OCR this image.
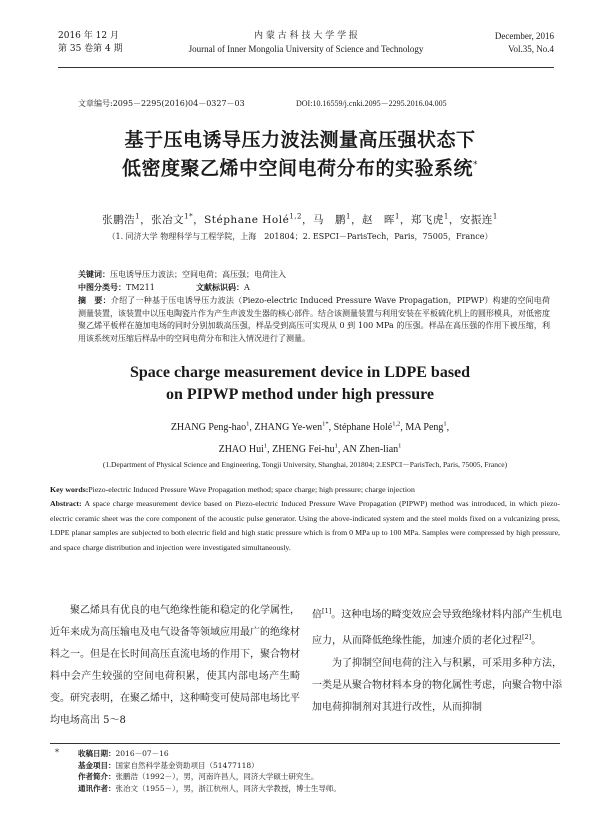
2016 年 12 月
第 35 卷第 4 期
内 蒙 古 科 技 大 学 学 报
Journal of Inner Mongolia University of Science and Technology
December, 2016
Vol.35, No.4
文章编号:2095－2295(2016)04－0327－03	DOI:10.16559/j.cnki.2095－2295.2016.04.005
基于压电诱导压力波法测量高压强状态下
低密度聚乙烯中空间电荷分布的实验系统*
张鹏浩$^1$，张冶文$^{1*}$，Stéphane Holé$^{1,2}$，马　鹏$^1$，赵　晖$^1$，郑飞虎$^1$，安振连$^1$
（1. 同济大学 物理科学与工程学院，上海　201804；2. ESPCI－ParisTech，Paris，75005，France）
关键词：压电诱导压力波法；空间电荷；高压强；电荷注入
中图分类号：TM211	文献标识码：A
摘　要：介绍了一种基于压电诱导压力波法（Piezo-electric Induced Pressure Wave Propagation，PIPWP）构建的空间电荷测量装置，该装置中以压电陶瓷片作为产生声波发生器的核心部件。结合该测量装置与利用安装在平板硫化机上的圆形模具，对低密度聚乙烯平板样在施加电场的同时分别加载高压强，样品受到高压可实现从 0 到 100 MPa 的压强。样品在高压强的作用下被压缩，利用该系统对压缩后样品中的空间电荷分布和注入情况进行了测量。
Space charge measurement device in LDPE based
on PIPWP method under high pressure
ZHANG Peng-hao$^1$, ZHANG Ye-wen$^{1*}$, Stéphane Holé$^{1,2}$, MA Peng$^1$,
ZHAO Hui$^1$, ZHENG Fei-$hu^1$, AN Zhen-lian$^1$
(1.Department of Physical Science and Engineering, Tongji University, Shanghai, 201804; 2.ESPCI－ParisTech, Paris, 75005, France)
Key words:Piezo-electric Induced Pressure Wave Propagation method; space charge; high pressure; charge injection
Abstract: A space charge measurement device based on Piezo-electric Induced Pressure Wave Propagation (PIPWP) method was introduced, in which piezo-electric ceramic sheet was the core component of the acoustic pulse generator. Using the above-indicated system and the steel molds fixed on a vulcanizing press, LDPE planar samples are subjected to both electric field and high static pressure which is from 0 MPa up to 100 MPa. Samples were compressed by high pressure, and space charge distribution and injection were investigated simultaneously.
聚乙烯具有优良的电气绝缘性能和稳定的化学属性，近年来成为高压输电及电气设备等领域应用最广的绝缘材料之一。但是在长时间高压直流电场的作用下，聚合物材料中会产生较强的空间电荷积累，使其内部电场产生畸变。研究表明，在聚乙烯中，这种畸变可使局部电场比平均电场高出 5～8
倍[1]。这种电场的畸变效应会导致绝缘材料内部产生机电应力，从而降低绝缘性能，加速介质的老化过程[2]。
为了抑制空间电荷的注入与积累，可采用多种方法，一类是从聚合物材料本身的物化属性考虑，向聚合物中添加电荷抑制剂对其进行改性，从而抑制
*	收稿日期：2016－07－16
基金项目：国家自然科学基金资助项目（51477118）
作者简介：张鹏浩（1992－），男，河南许昌人，同济大学硕士研究生。
通讯作者：张冶文（1955－），男，浙江杭州人，同济大学教授，博士生导师。
